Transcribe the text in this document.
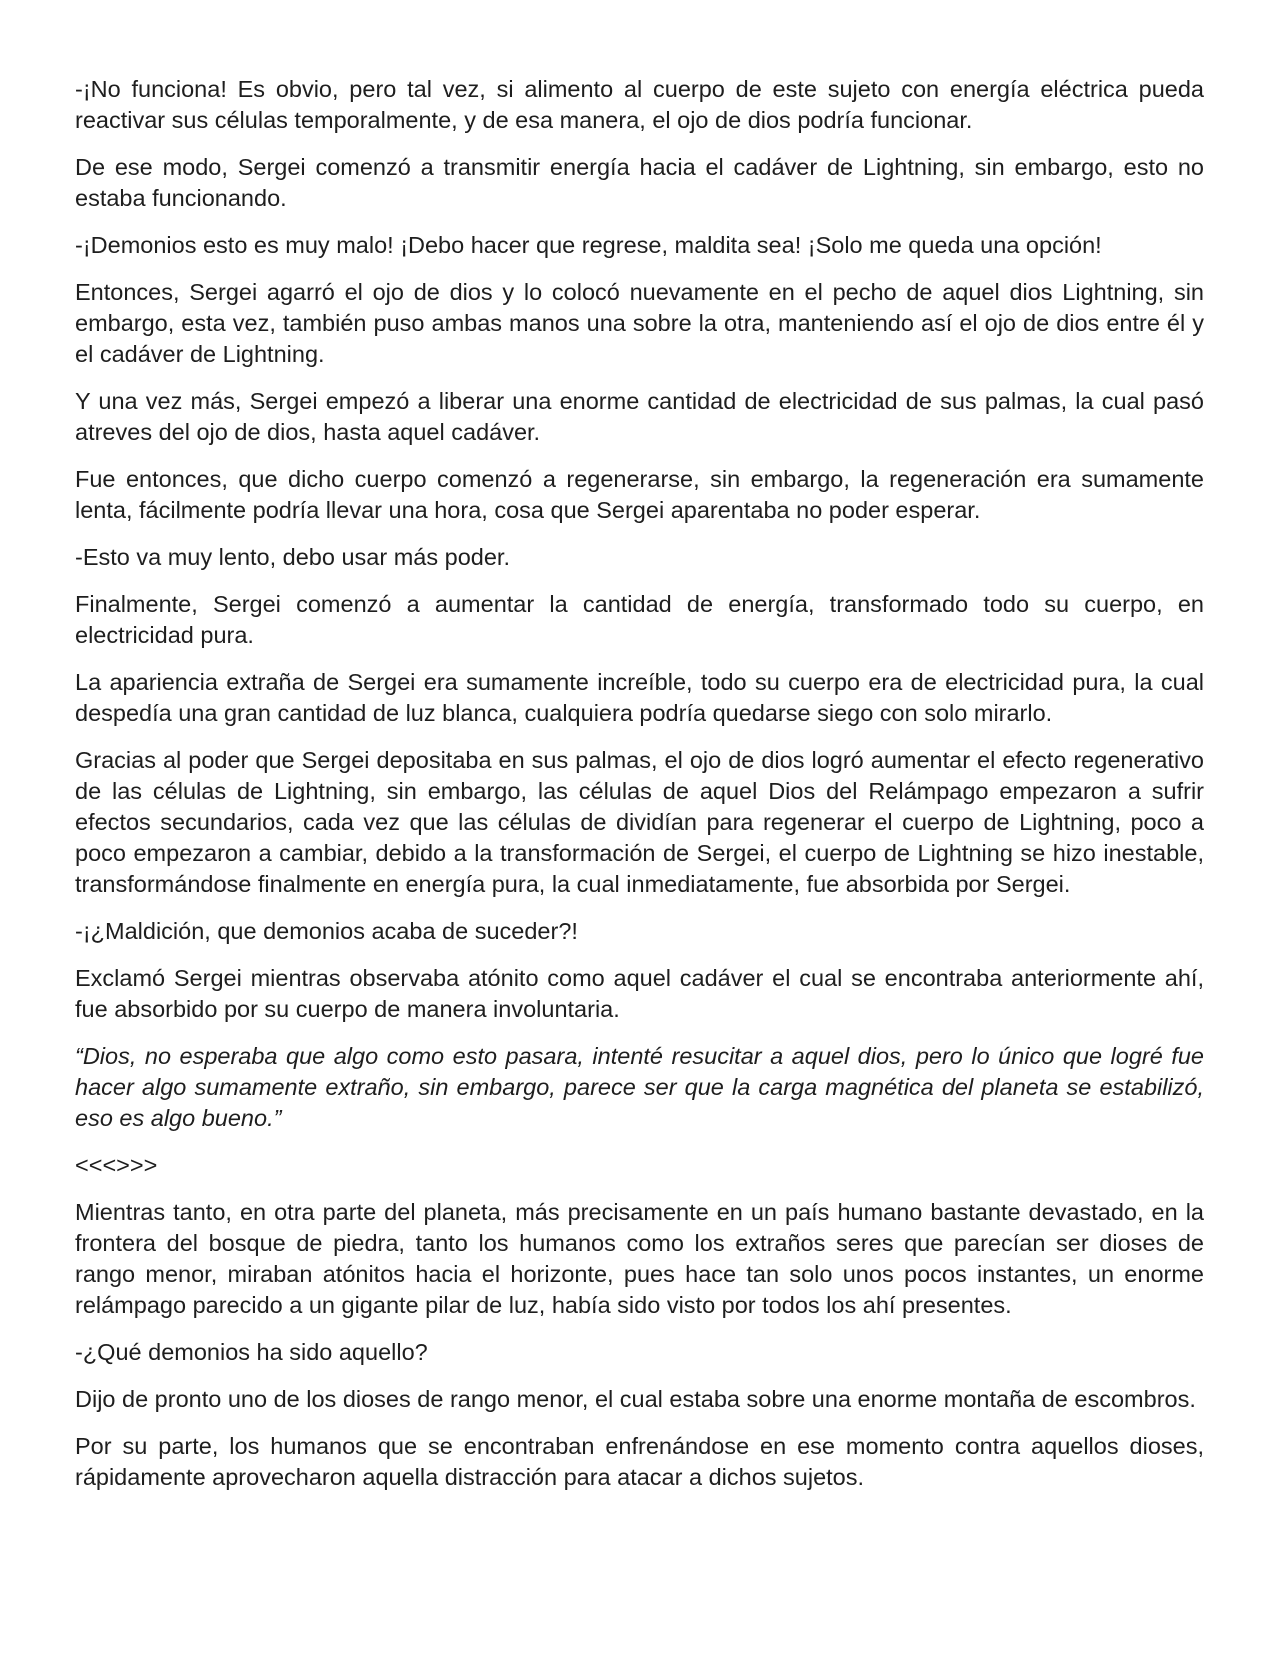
-¡No funciona! Es obvio, pero tal vez, si alimento al cuerpo de este sujeto con energía eléctrica pueda reactivar sus células temporalmente, y de esa manera, el ojo de dios podría funcionar.

De ese modo, Sergei comenzó a transmitir energía hacia el cadáver de Lightning, sin embargo, esto no estaba funcionando.

-¡Demonios esto es muy malo! ¡Debo hacer que regrese, maldita sea! ¡Solo me queda una opción!

Entonces, Sergei agarró el ojo de dios y lo colocó nuevamente en el pecho de aquel dios Lightning, sin embargo, esta vez, también puso ambas manos una sobre la otra, manteniendo así el ojo de dios entre él y el cadáver de Lightning.

Y una vez más, Sergei empezó a liberar una enorme cantidad de electricidad de sus palmas, la cual pasó atreves del ojo de dios, hasta aquel cadáver.

Fue entonces, que dicho cuerpo comenzó a regenerarse, sin embargo, la regeneración era sumamente lenta, fácilmente podría llevar una hora, cosa que Sergei aparentaba no poder esperar.

-Esto va muy lento, debo usar más poder.

Finalmente, Sergei comenzó a aumentar la cantidad de energía, transformado todo su cuerpo, en electricidad pura.

La apariencia extraña de Sergei era sumamente increíble, todo su cuerpo era de electricidad pura, la cual despedía una gran cantidad de luz blanca, cualquiera podría quedarse siego con solo mirarlo.

Gracias al poder que Sergei depositaba en sus palmas, el ojo de dios logró aumentar el efecto regenerativo de las células de Lightning, sin embargo, las células de aquel Dios del Relámpago empezaron a sufrir efectos secundarios, cada vez que las células de dividían para regenerar el cuerpo de Lightning, poco a poco empezaron a cambiar, debido a la transformación de Sergei, el cuerpo de Lightning se hizo inestable, transformándose finalmente en energía pura, la cual inmediatamente, fue absorbida por Sergei.

-¡¿Maldición, que demonios acaba de suceder?!

Exclamó Sergei mientras observaba atónito como aquel cadáver el cual se encontraba anteriormente ahí, fue absorbido por su cuerpo de manera involuntaria.

“Dios, no esperaba que algo como esto pasara, intenté resucitar a aquel dios, pero lo único que logré fue hacer algo sumamente extraño, sin embargo, parece ser que la carga magnética del planeta se estabilizó, eso es algo bueno.”

<<<>>>

Mientras tanto, en otra parte del planeta, más precisamente en un país humano bastante devastado, en la frontera del bosque de piedra, tanto los humanos como los extraños seres que parecían ser dioses de rango menor, miraban atónitos hacia el horizonte, pues hace tan solo unos pocos instantes, un enorme relámpago parecido a un gigante pilar de luz, había sido visto por todos los ahí presentes.

-¿Qué demonios ha sido aquello?

Dijo de pronto uno de los dioses de rango menor, el cual estaba sobre una enorme montaña de escombros.

Por su parte, los humanos que se encontraban enfrenándose en ese momento contra aquellos dioses, rápidamente aprovecharon aquella distracción para atacar a dichos sujetos.
